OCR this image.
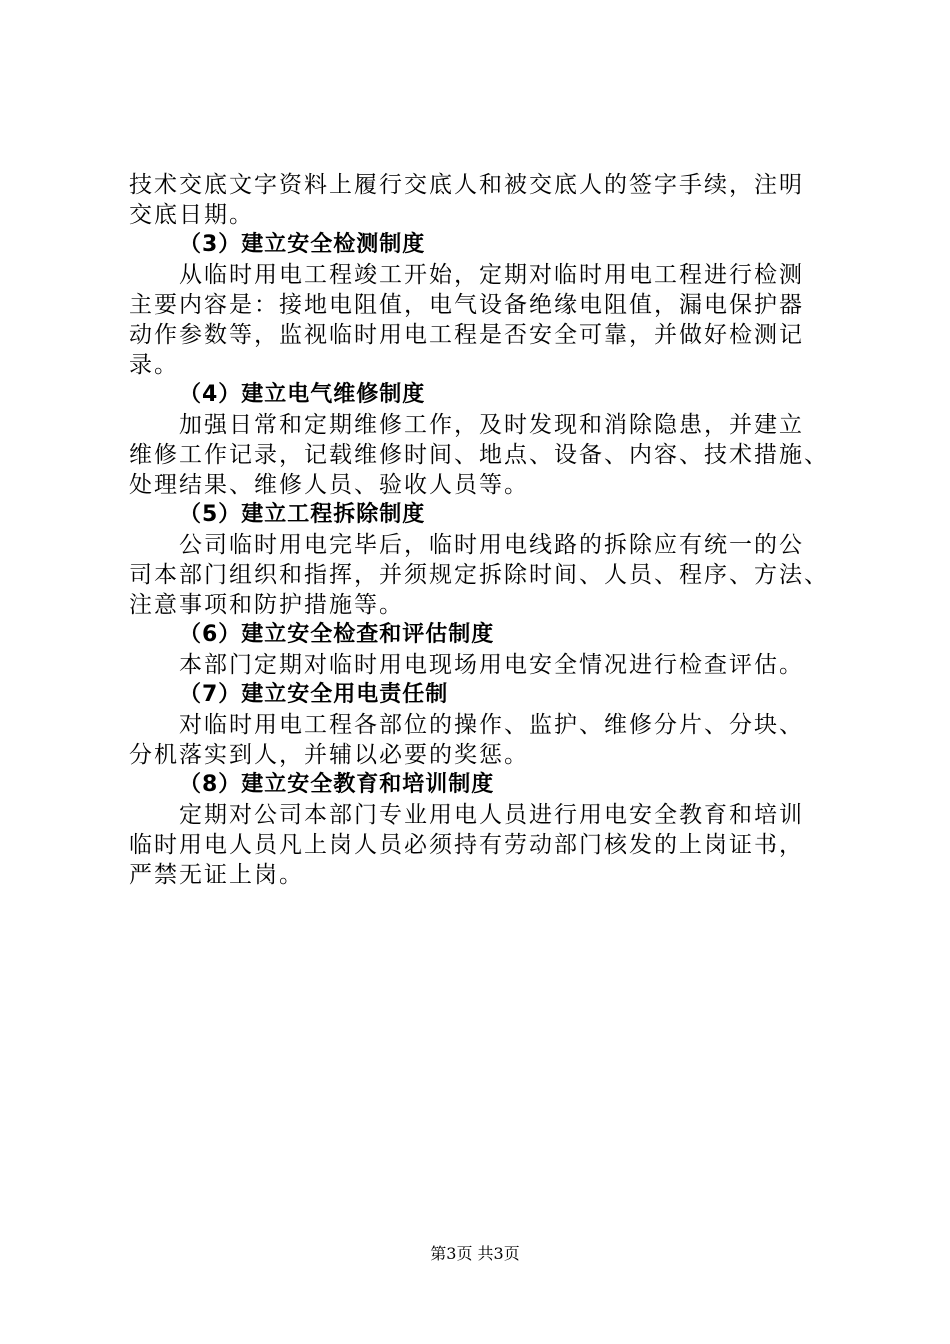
技术交底文字资料上履行交底人和被交底人的签字手续，注明
交底日期。
（3）建立安全检测制度
从临时用电工程竣工开始，定期对临时用电工程进行检测
主要内容是：接地电阻值，电气设备绝缘电阻值，漏电保护器
动作参数等，监视临时用电工程是否安全可靠，并做好检测记
录。
（4）建立电气维修制度
加强日常和定期维修工作，及时发现和消除隐患，并建立
维修工作记录，记载维修时间、地点、设备、内容、技术措施、
处理结果、维修人员、验收人员等。
（5）建立工程拆除制度
公司临时用电完毕后，临时用电线路的拆除应有统一的公
司本部门组织和指挥，并须规定拆除时间、人员、程序、方法、
注意事项和防护措施等。
（6）建立安全检查和评估制度
本部门定期对临时用电现场用电安全情况进行检查评估。
（7）建立安全用电责任制
对临时用电工程各部位的操作、监护、维修分片、分块、
分机落实到人，并辅以必要的奖惩。
（8）建立安全教育和培训制度
定期对公司本部门专业用电人员进行用电安全教育和培训
临时用电人员凡上岗人员必须持有劳动部门核发的上岗证书，
严禁无证上岗。
第3页 共3页
